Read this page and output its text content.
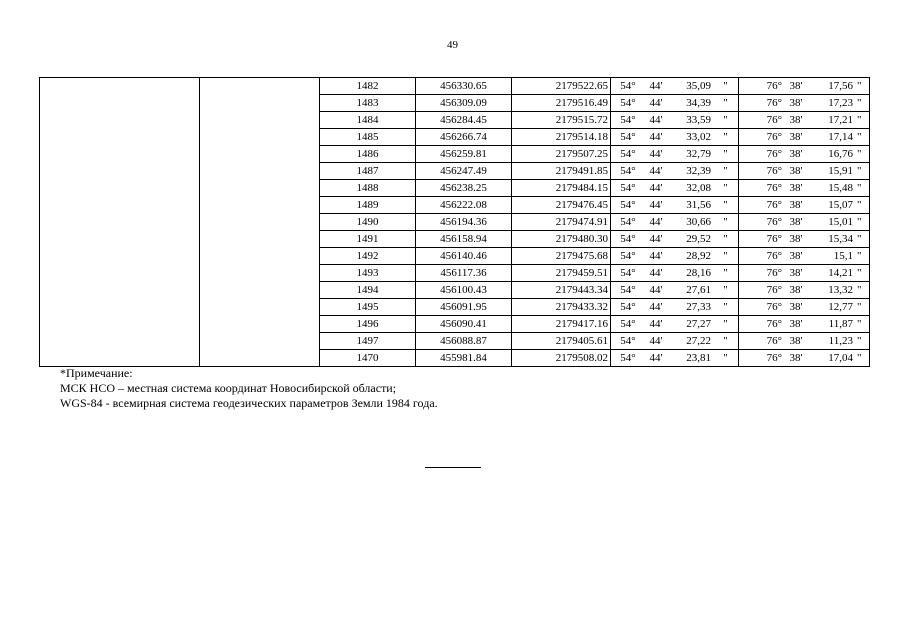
49
		1482	456330.65	2179522.65	54°	44'	35,09	"	76°	38'	17,56	"
		1483	456309.09	2179516.49	54°	44'	34,39	"	76°	38'	17,23	"
		1484	456284.45	2179515.72	54°	44'	33,59	"	76°	38'	17,21	"
		1485	456266.74	2179514.18	54°	44'	33,02	"	76°	38'	17,14	"
		1486	456259.81	2179507.25	54°	44'	32,79	"	76°	38'	16,76	"
		1487	456247.49	2179491.85	54°	44'	32,39	"	76°	38'	15,91	"
		1488	456238.25	2179484.15	54°	44'	32,08	"	76°	38'	15,48	"
		1489	456222.08	2179476.45	54°	44'	31,56	"	76°	38'	15,07	"
		1490	456194.36	2179474.91	54°	44'	30,66	"	76°	38'	15,01	"
		1491	456158.94	2179480.30	54°	44'	29,52	"	76°	38'	15,34	"
		1492	456140.46	2179475.68	54°	44'	28,92	"	76°	38'	15,1	"
		1493	456117.36	2179459.51	54°	44'	28,16	"	76°	38'	14,21	"
		1494	456100.43	2179443.34	54°	44'	27,61	"	76°	38'	13,32	"
		1495	456091.95	2179433.32	54°	44'	27,33	"	76°	38'	12,77	"
		1496	456090.41	2179417.16	54°	44'	27,27	"	76°	38'	11,87	"
		1497	456088.87	2179405.61	54°	44'	27,22	"	76°	38'	11,23	"
		1470	455981.84	2179508.02	54°	44'	23,81	"	76°	38'	17,04	"
*Примечание:
МСК НСО – местная система координат Новосибирской области;
WGS-84 - всемирная система геодезических параметров Земли 1984 года.
